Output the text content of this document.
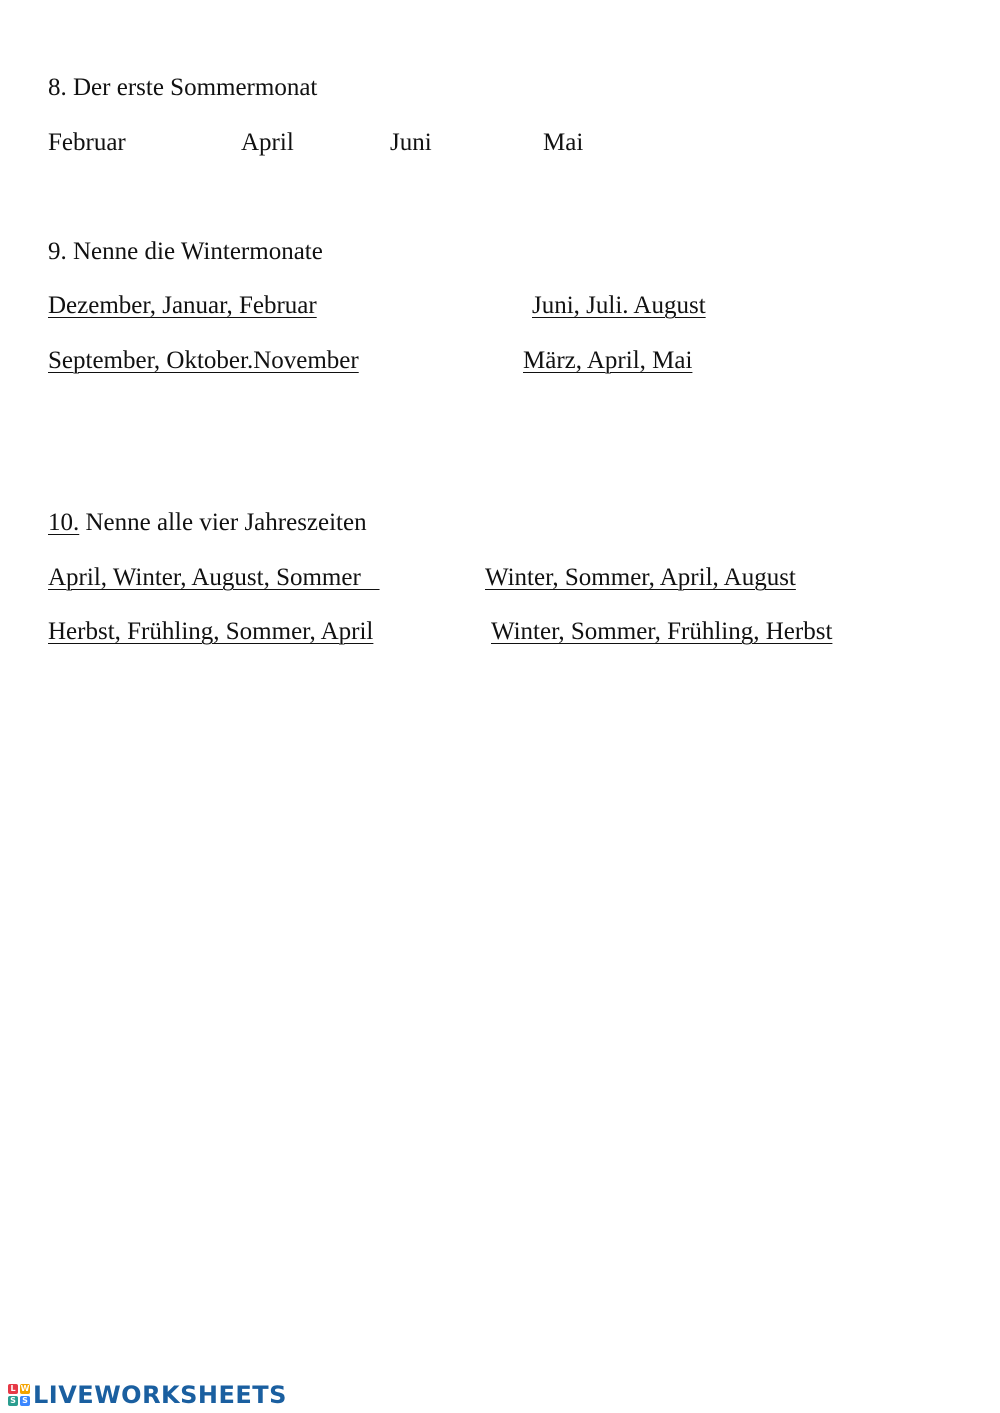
8. Der erste Sommermonat
Februar	April	Juni	Mai
9. Nenne die Wintermonate
Dezember, Januar, Februar	Juni, Juli. August
September, Oktober.November	März, April, Mai
10. Nenne alle vier Jahreszeiten
April, Winter, August, Sommer	Winter, Sommer, April, August
Herbst, Frühling, Sommer, April	Winter, Sommer, Frühling, Herbst
L W
S S LIVEWORKSHEETS
